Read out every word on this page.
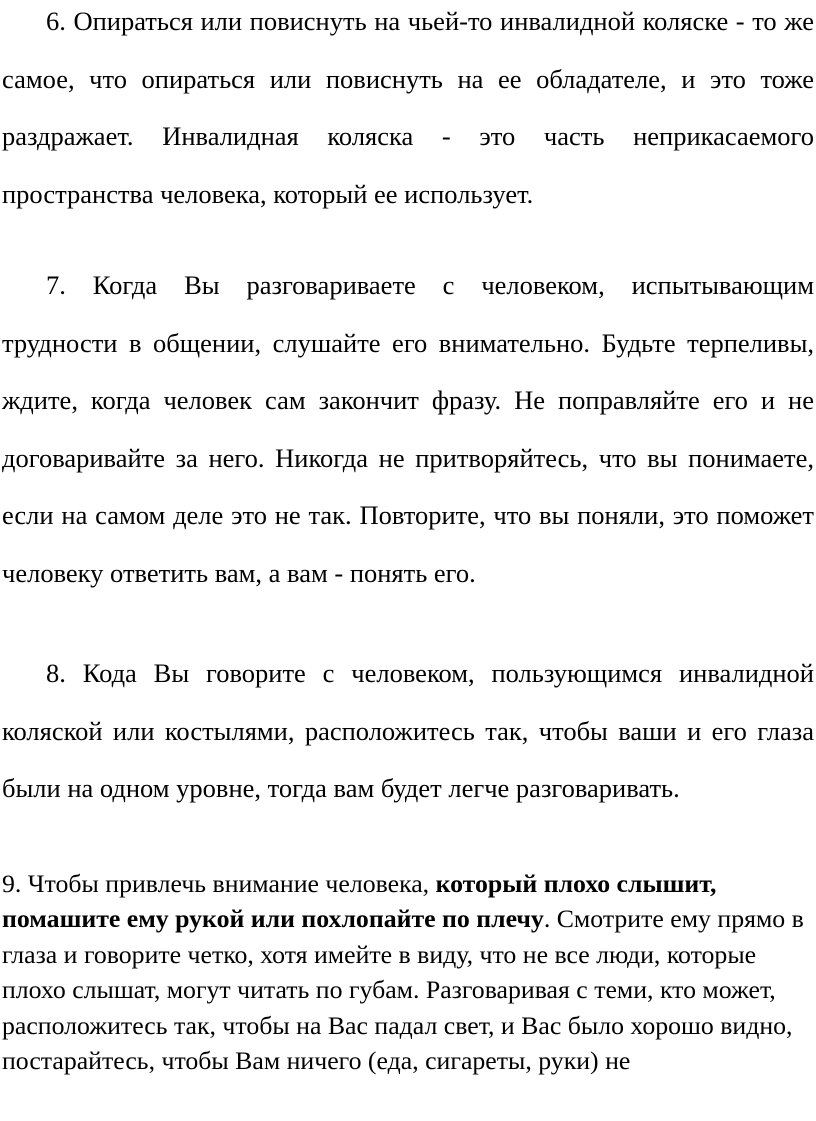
6. Опираться или повиснуть на чьей-то инвалидной коляске - то же самое, что опираться или повиснуть на ее обладателе, и это тоже раздражает. Инвалидная коляска - это часть неприкасаемого пространства человека, который ее использует.

7. Когда Вы разговариваете с человеком, испытывающим трудности в общении, слушайте его внимательно. Будьте терпеливы, ждите, когда человек сам закончит фразу. Не поправляйте его и не договаривайте за него. Никогда не притворяйтесь, что вы понимаете, если на самом деле это не так. Повторите, что вы поняли, это поможет человеку ответить вам, а вам - понять его.

8. Кода Вы говорите с человеком, пользующимся инвалидной коляской или костылями, расположитесь так, чтобы ваши и его глаза были на одном уровне, тогда вам будет легче разговаривать.

9. Чтобы привлечь внимание человека, который плохо слышит, помашите ему рукой или похлопайте по плечу. Смотрите ему прямо в глаза и говорите четко, хотя имейте в виду, что не все люди, которые плохо слышат, могут читать по губам. Разговаривая с теми, кто может, расположитесь так, чтобы на Вас падал свет, и Вас было хорошо видно, постарайтесь, чтобы Вам ничего (еда, сигареты, руки) не
